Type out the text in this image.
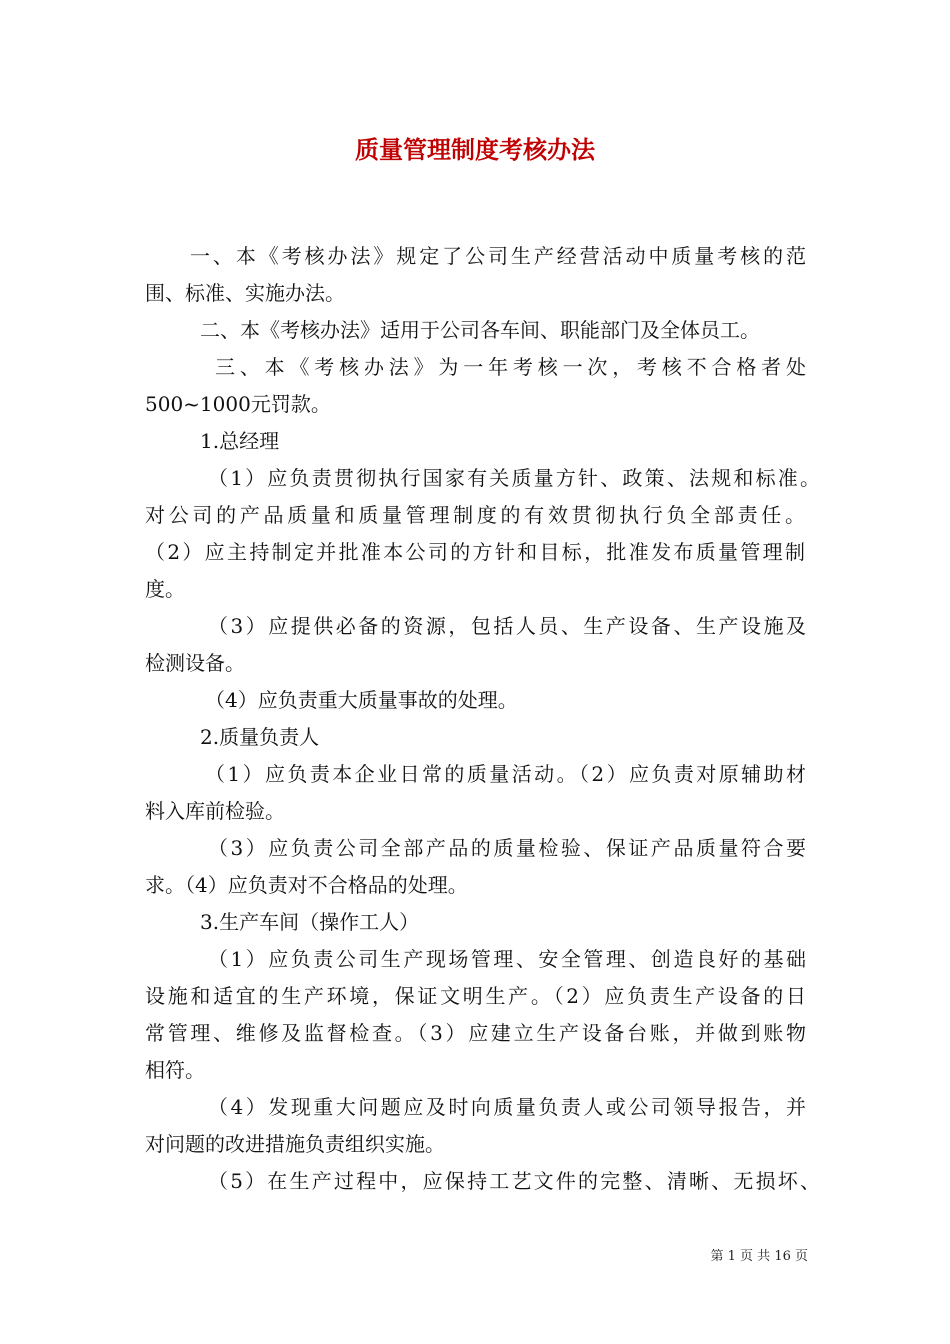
质量管理制度考核办法

一、本《考核办法》规定了公司生产经营活动中质量考核的范

围、标准、实施办法。

二、本《考核办法》适用于公司各车间、职能部门及全体员工。

三、本《考核办法》为一年考核一次，考核不合格者处

500~1000元罚款。

1.总经理

（1）应负责贯彻执行国家有关质量方针、政策、法规和标准。

对公司的产品质量和质量管理制度的有效贯彻执行负全部责任。

（2）应主持制定并批准本公司的方针和目标，批准发布质量管理制

度。

（3）应提供必备的资源，包括人员、生产设备、生产设施及

检测设备。

（4）应负责重大质量事故的处理。

2.质量负责人

（1）应负责本企业日常的质量活动。（2）应负责对原辅助材

料入库前检验。

（3）应负责公司全部产品的质量检验、保证产品质量符合要

求。（4）应负责对不合格品的处理。

3.生产车间（操作工人）

（1）应负责公司生产现场管理、安全管理、创造良好的基础

设施和适宜的生产环境，保证文明生产。（2）应负责生产设备的日

常管理、维修及监督检查。（3）应建立生产设备台账，并做到账物

相符。

（4）发现重大问题应及时向质量负责人或公司领导报告，并

对问题的改进措施负责组织实施。

（5）在生产过程中，应保持工艺文件的完整、清晰、无损坏、

第 1 页 共 16 页
